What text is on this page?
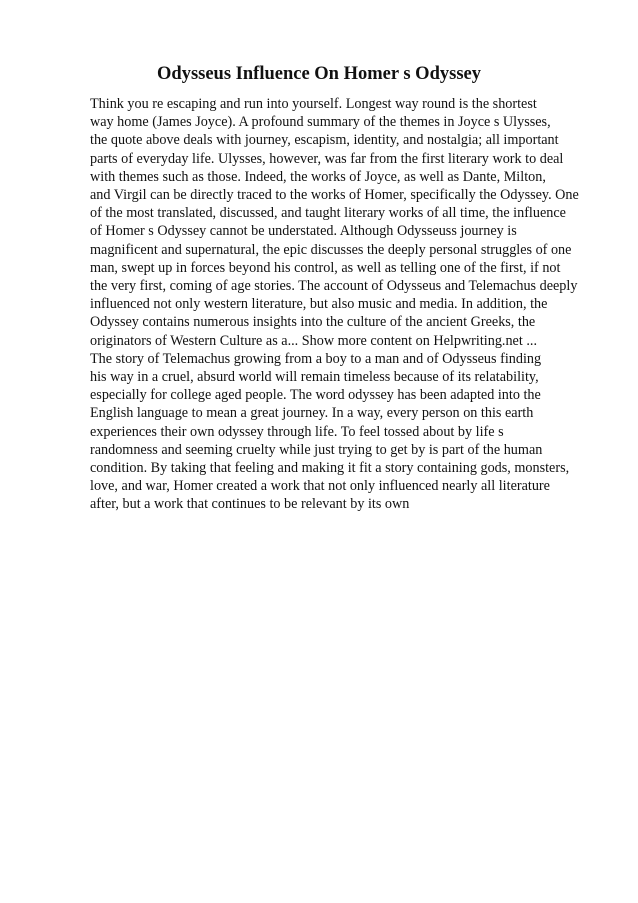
Odysseus Influence On Homer s Odyssey
Think you re escaping and run into yourself. Longest way round is the shortest
way home (James Joyce). A profound summary of the themes in Joyce s Ulysses,
the quote above deals with journey, escapism, identity, and nostalgia; all important
parts of everyday life. Ulysses, however, was far from the first literary work to deal
with themes such as those. Indeed, the works of Joyce, as well as Dante, Milton,
and Virgil can be directly traced to the works of Homer, specifically the Odyssey. One
of the most translated, discussed, and taught literary works of all time, the influence
of Homer s Odyssey cannot be understated. Although Odysseuss journey is
magnificent and supernatural, the epic discusses the deeply personal struggles of one
man, swept up in forces beyond his control, as well as telling one of the first, if not
the very first, coming of age stories. The account of Odysseus and Telemachus deeply
influenced not only western literature, but also music and media. In addition, the
Odyssey contains numerous insights into the culture of the ancient Greeks, the
originators of Western Culture as a... Show more content on Helpwriting.net ...
The story of Telemachus growing from a boy to a man and of Odysseus finding
his way in a cruel, absurd world will remain timeless because of its relatability,
especially for college aged people. The word odyssey has been adapted into the
English language to mean a great journey. In a way, every person on this earth
experiences their own odyssey through life. To feel tossed about by life s
randomness and seeming cruelty while just trying to get by is part of the human
condition. By taking that feeling and making it fit a story containing gods, monsters,
love, and war, Homer created a work that not only influenced nearly all literature
after, but a work that continues to be relevant by its own
